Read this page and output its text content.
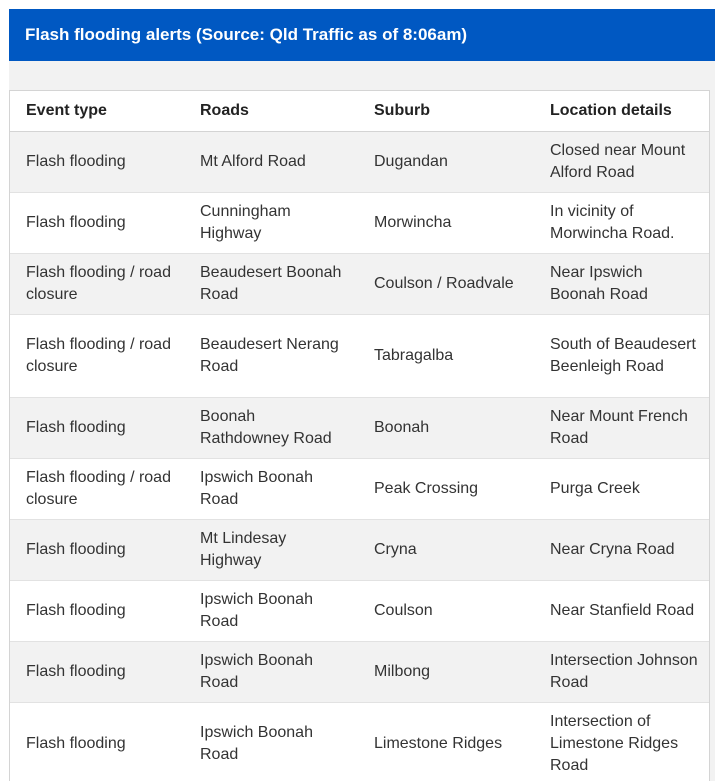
Flash flooding alerts (Source: Qld Traffic as of 8:06am)
Event type	Roads	Suburb	Location details
Flash flooding	Mt Alford Road	Dugandan	Closed near Mount Alford Road
Flash flooding	Cunningham Highway	Morwincha	In vicinity of Morwincha Road.
Flash flooding / road closure	Beaudesert Boonah Road	Coulson / Roadvale	Near Ipswich Boonah Road
Flash flooding / road closure	Beaudesert Nerang Road	Tabragalba	South of Beaudesert Beenleigh Road
Flash flooding	Boonah Rathdowney Road	Boonah	Near Mount French Road
Flash flooding / road closure	Ipswich Boonah Road	Peak Crossing	Purga Creek
Flash flooding	Mt Lindesay Highway	Cryna	Near Cryna Road
Flash flooding	Ipswich Boonah Road	Coulson	Near Stanfield Road
Flash flooding	Ipswich Boonah Road	Milbong	Intersection Johnson Road
Flash flooding	Ipswich Boonah Road	Limestone Ridges	Intersection of Limestone Ridges Road
